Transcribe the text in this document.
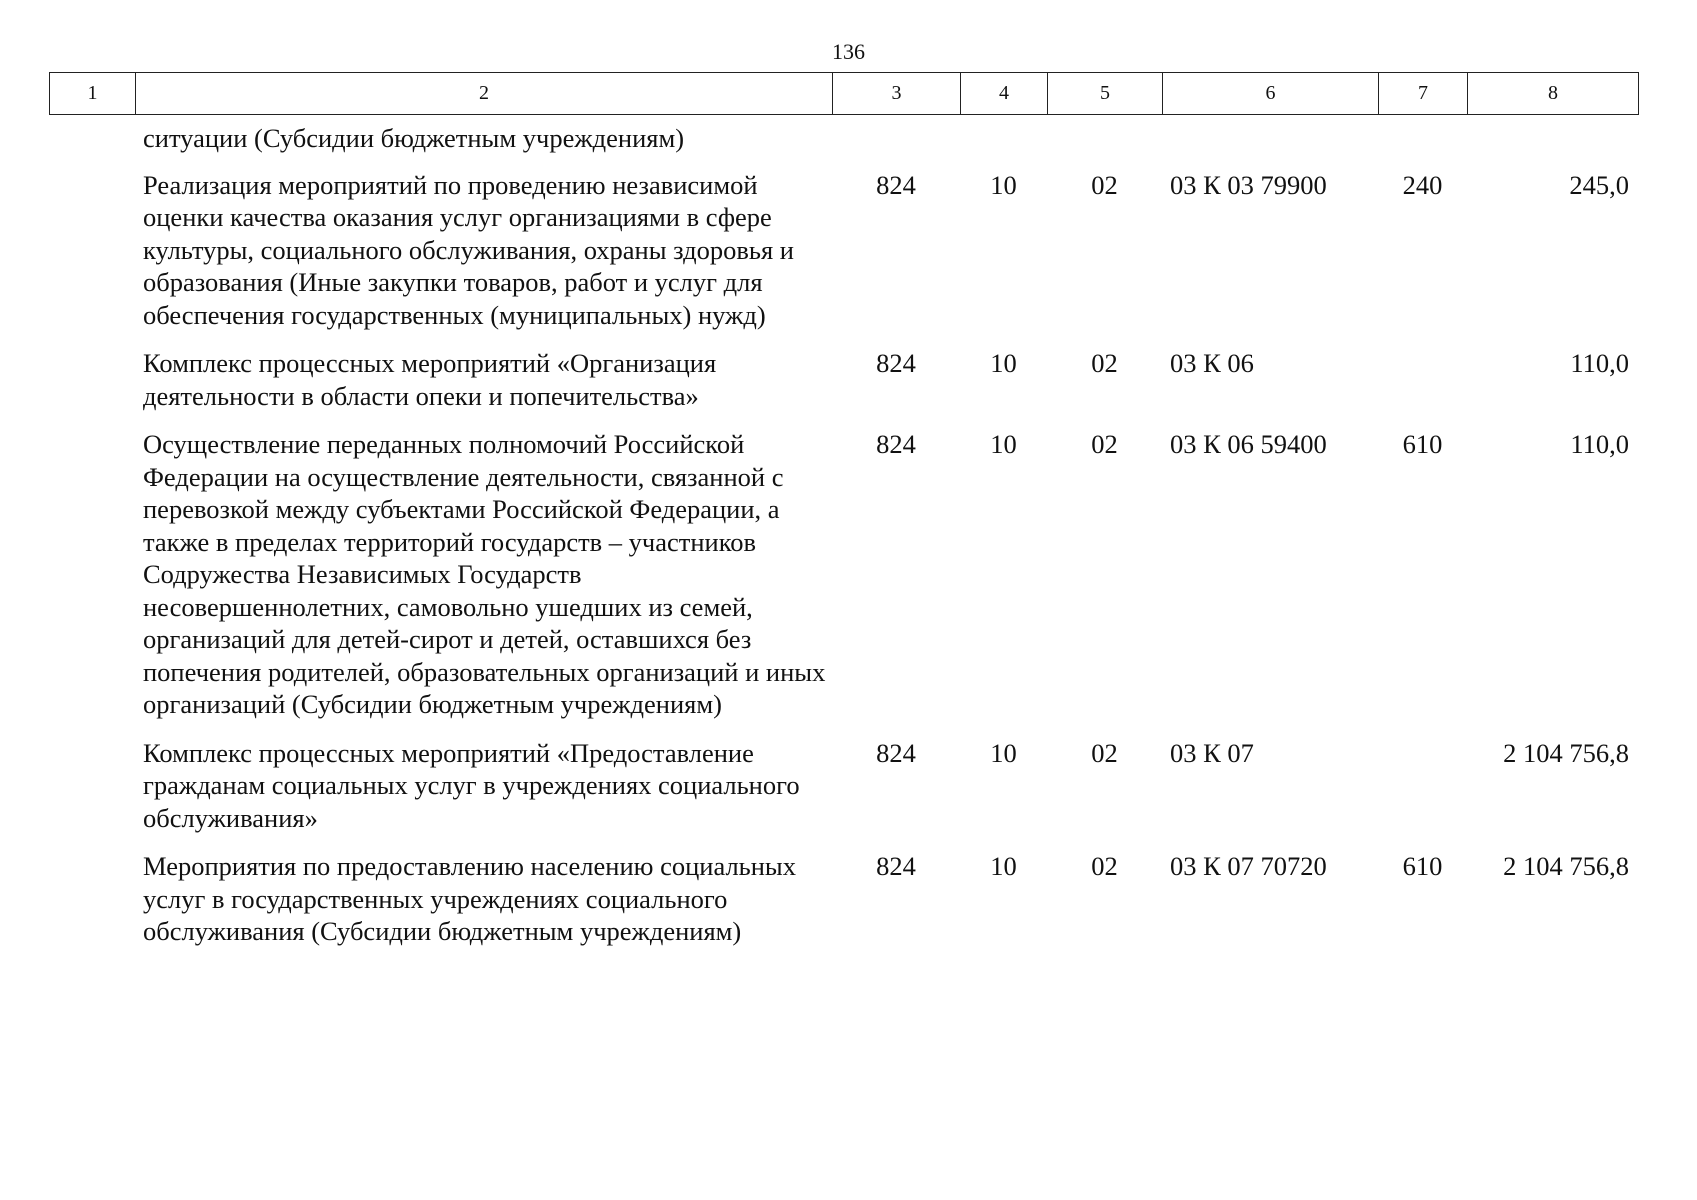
136
1	2	3	4	5	6	7	8
	ситуации (Субсидии бюджетным учреждениям)						
	Реализация мероприятий по проведению независимой оценки качества оказания услуг организациями в сфере культуры, социального обслуживания, охраны здоровья и образования (Иные закупки товаров, работ и услуг для обеспечения государственных (муниципальных) нужд)	824	10	02	03 К 03 79900	240	245,0
	Комплекс процессных мероприятий «Организация деятельности в области опеки и попечительства»	824	10	02	03 К 06		110,0
	Осуществление переданных полномочий Российской Федерации на осуществление деятельности, связанной с перевозкой между субъектами Российской Федерации, а также в пределах территорий государств – участников Содружества Независимых Государств несовершеннолетних, самовольно ушедших из семей, организаций для детей-сирот и детей, оставшихся без попечения родителей, образовательных организаций и иных организаций (Субсидии бюджетным учреждениям)	824	10	02	03 К 06 59400	610	110,0
	Комплекс процессных мероприятий «Предоставление гражданам социальных услуг в учреждениях социального обслуживания»	824	10	02	03 К 07		2 104 756,8
	Мероприятия по предоставлению населению социальных услуг в государственных учреждениях социального обслуживания (Субсидии бюджетным учреждениям)	824	10	02	03 К 07 70720	610	2 104 756,8
